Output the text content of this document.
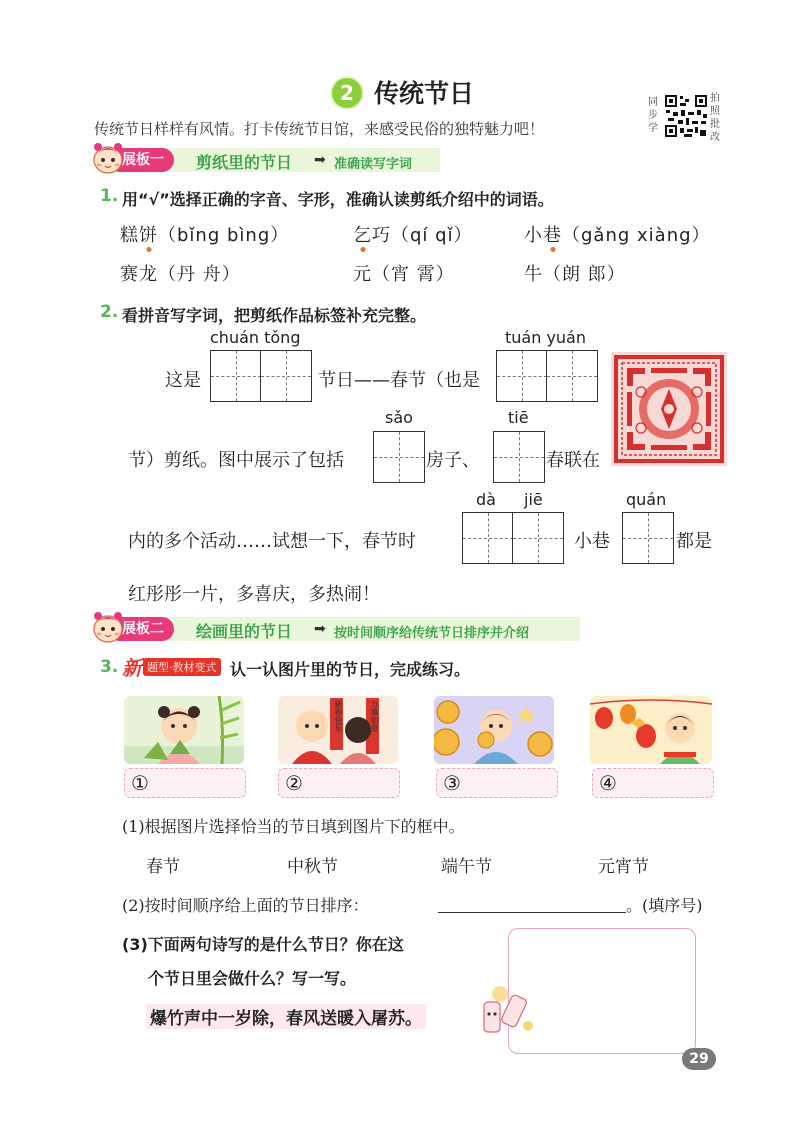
2 传统节日	同步学
拍照批改
传统节日样样有风情。打卡传统节日馆，来感受民俗的独特魅力吧！
展板一	剪纸里的节日 ➡ 准确读写字词
1. 用“√”选择正确的字音、字形，准确认读剪纸介绍中的词语。
糕饼（bǐng bìng）	乞巧（qí qǐ）	小巷（gǎng xiàng）
赛龙（丹 舟）	元（宵 霄）	牛（朗 郎）
2. 看拼音写字词，把剪纸作品标签补充完整。
chuán tǒng	tuán yuán
这是	节日——春节（也是
sǎo	tiē
节）剪纸。图中展示了包括	房子、	春联在
dà jiē	quán
内的多个活动……试想一下，春节时	小巷	都是
红彤彤一片，多喜庆，多热闹！
展板二	绘画里的节日 ➡ 按时间顺序给传统节日排序并介绍
3. 新 题型·教材变式 认一认图片里的节日，完成练习。
①
新春快乐	万事如意
②	③	④
(1)根据图片选择恰当的节日填到图片下的框中。
春节	中秋节	端午节	元宵节
(2)按时间顺序给上面的节日排序：	。(填序号)
(3)下面两句诗写的是什么节日？你在这
个节日里会做什么？写一写。
爆竹声中一岁除，春风送暖入屠苏。
29
